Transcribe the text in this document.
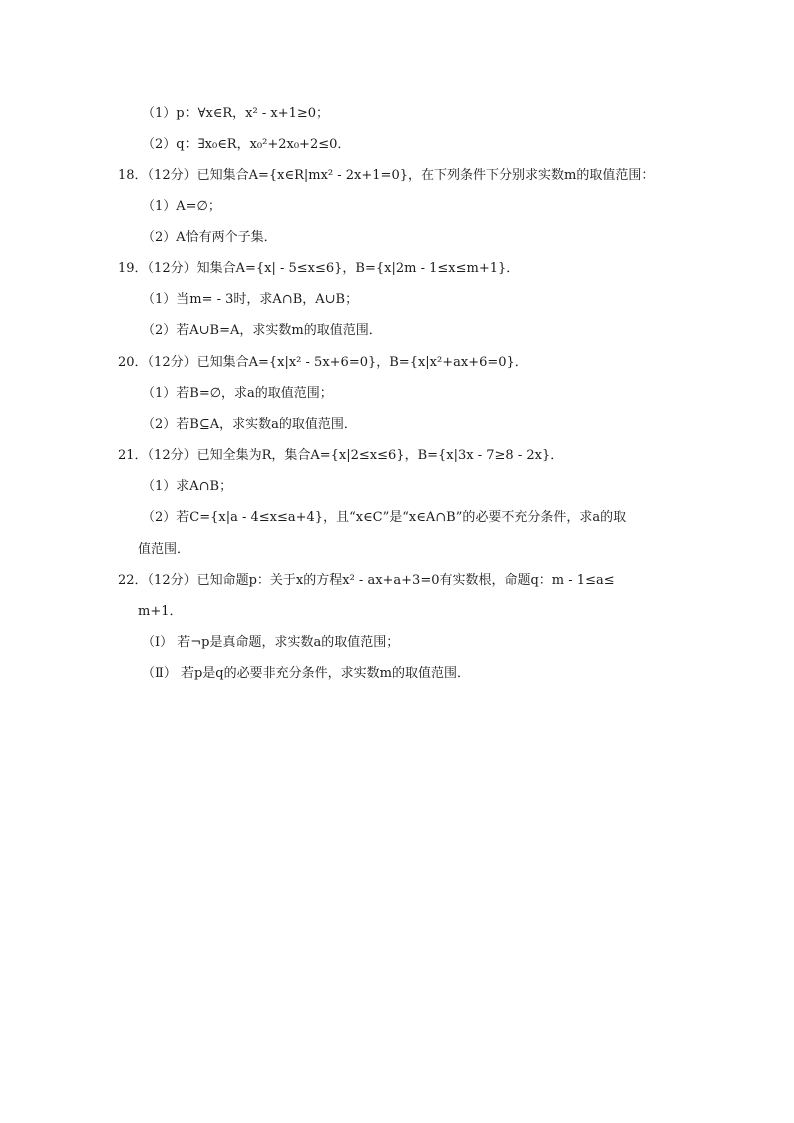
（1）p：∀x∈R，x² - x+1≥0；
（2）q：∃x₀∈R，x₀²+2x₀+2≤0．
18．（12分）已知集合A={x∈R|mx² - 2x+1=0}，在下列条件下分别求实数m的取值范围：
（1）A=∅；
（2）A恰有两个子集．
19．（12分）知集合A={x| - 5≤x≤6}，B={x|2m - 1≤x≤m+1}．
（1）当m= - 3时，求A∩B，A∪B；
（2）若A∪B=A，求实数m的取值范围．
20．（12分）已知集合A={x|x² - 5x+6=0}，B={x|x²+ax+6=0}．
（1）若B=∅，求a的取值范围；
（2）若B⊆A，求实数a的取值范围．
21．（12分）已知全集为R，集合A={x|2≤x≤6}，B={x|3x - 7≥8 - 2x}．
（1）求A∩B；
（2）若C={x|a - 4≤x≤a+4}，且“x∈C”是“x∈A∩B”的必要不充分条件，求a的取
值范围．
22．（12分）已知命题p：关于x的方程x² - ax+a+3=0有实数根，命题q：m - 1≤a≤
m+1．
（Ⅰ） 若¬p是真命题，求实数a的取值范围；
（Ⅱ） 若p是q的必要非充分条件，求实数m的取值范围．
